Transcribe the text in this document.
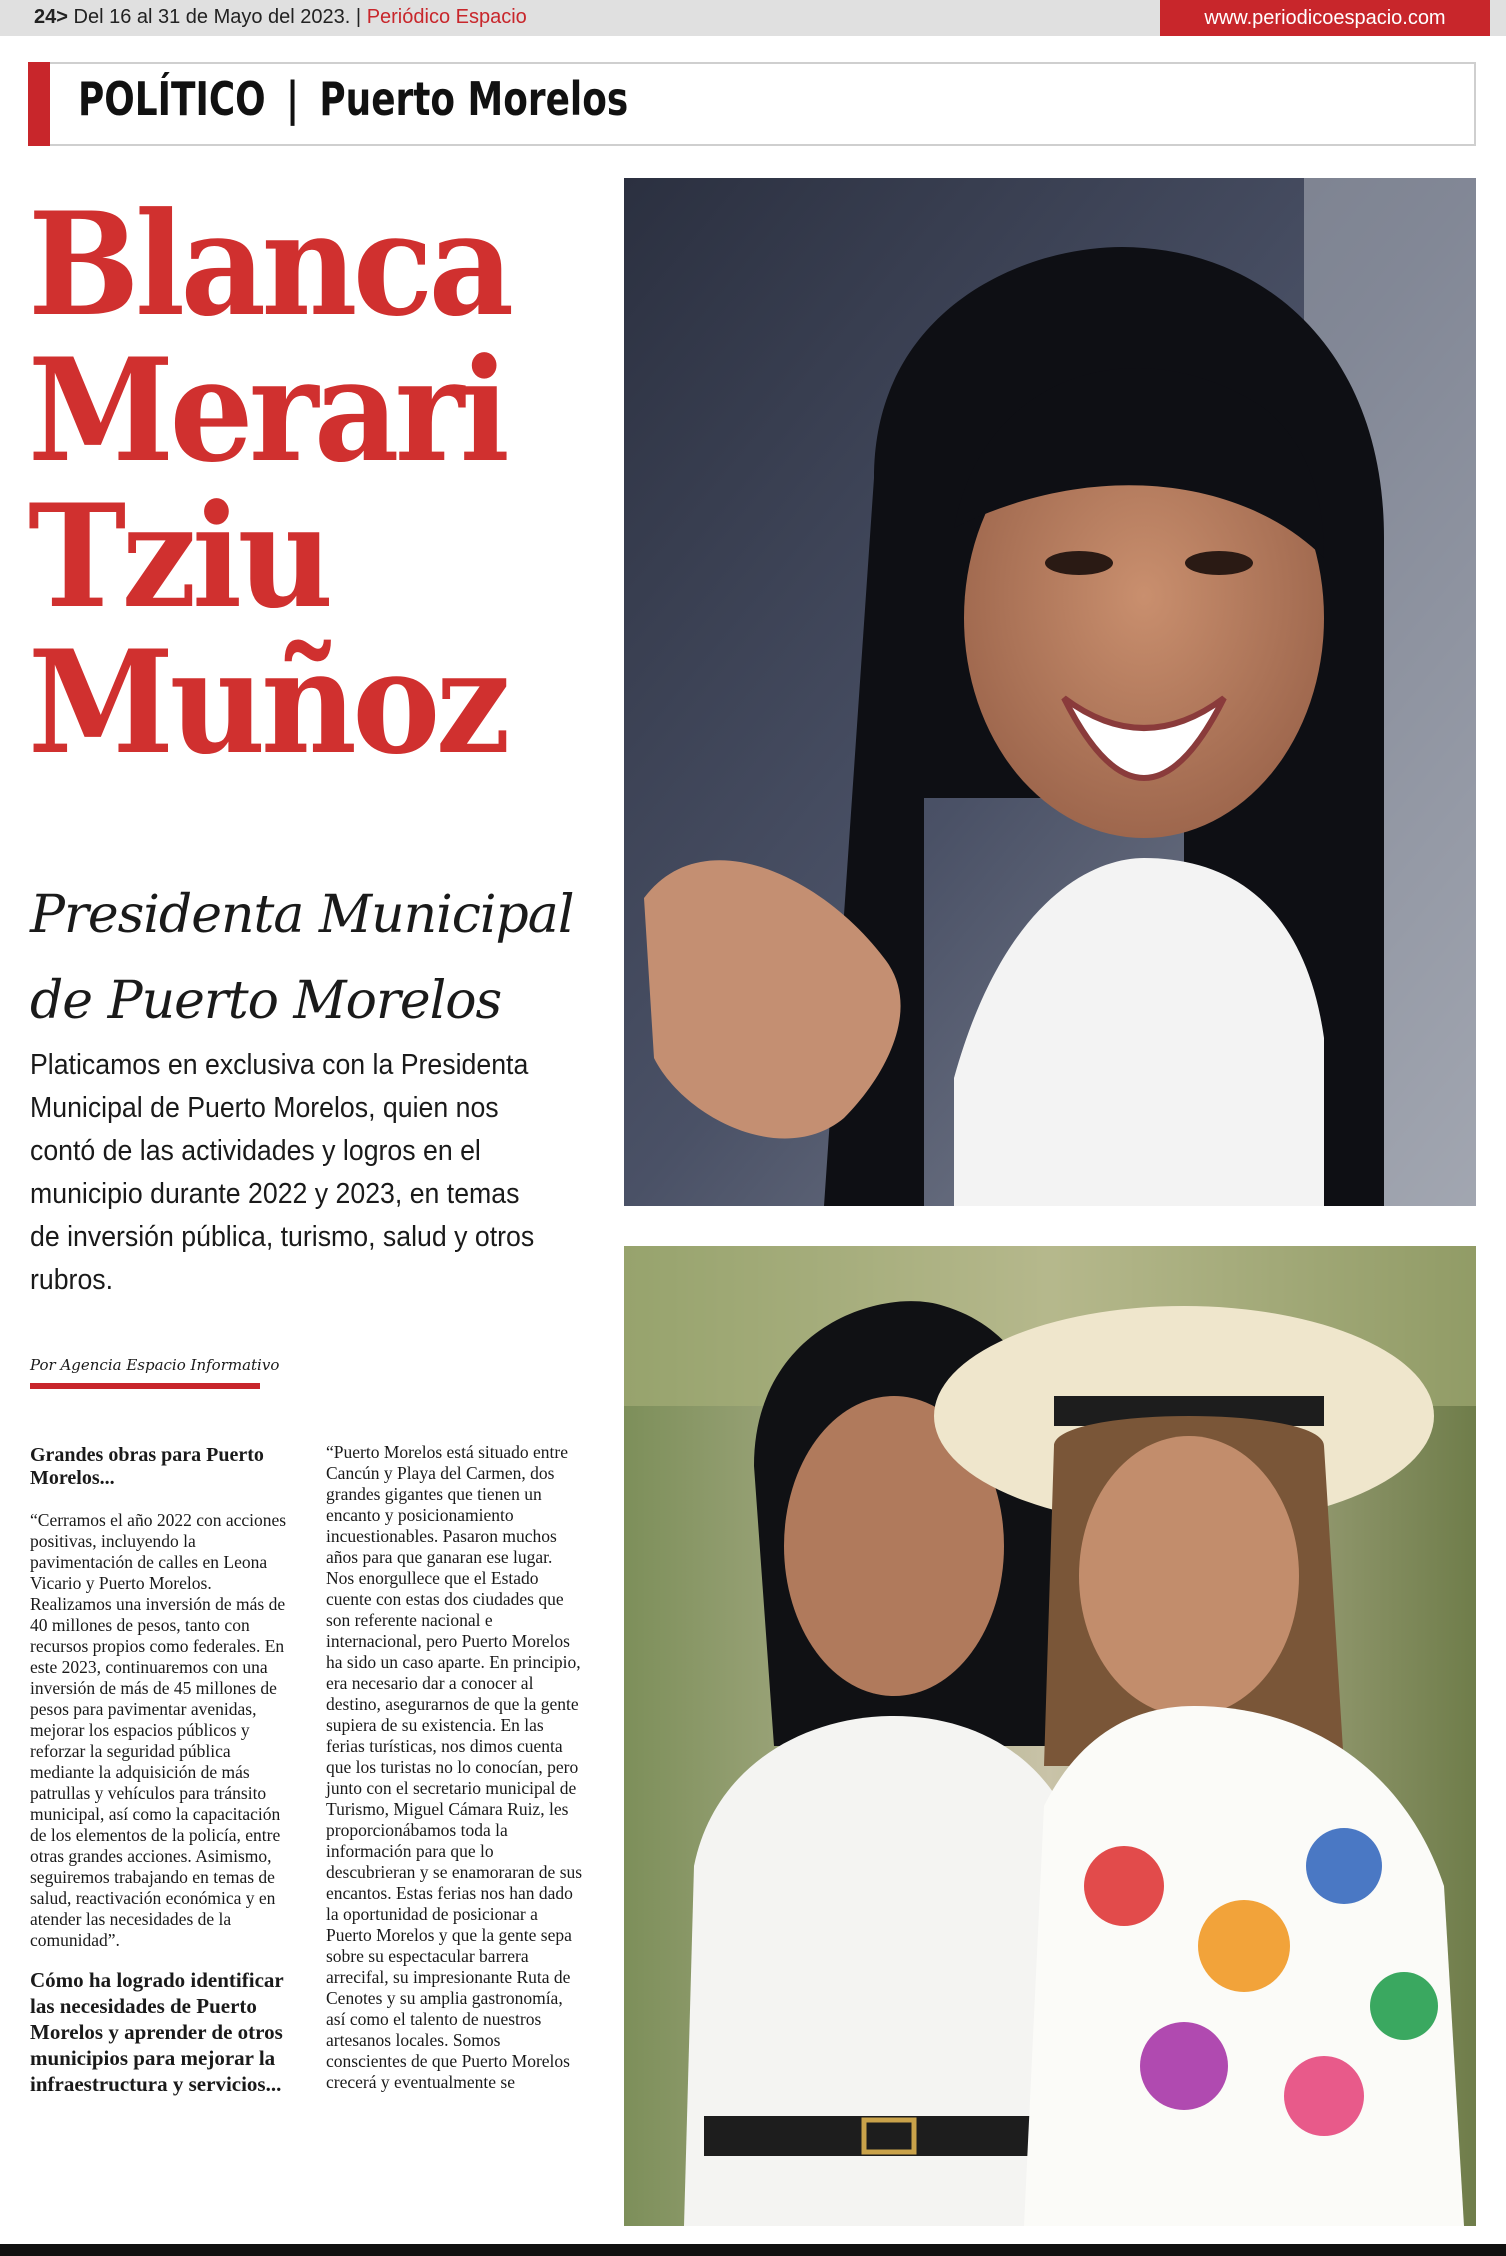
24> Del 16 al 31 de Mayo del 2023. | Periódico Espacio	www.periodicoespacio.com
POLÍTICO | Puerto Morelos
Blanca
Merari
Tziu
Muñoz
Presidenta Municipal
de Puerto Morelos
Platicamos en exclusiva con la Presidenta Municipal de Puerto Morelos, quien nos contó de las actividades y logros en el municipio durante 2022 y 2023, en temas de inversión pública, turismo, salud y otros rubros.
Por Agencia Espacio Informativo
Grandes obras para Puerto Morelos...

“Cerramos el año 2022 con acciones positivas, incluyendo la pavimentación de calles en Leona Vicario y Puerto Morelos. Realizamos una inversión de más de 40 millones de pesos, tanto con recursos propios como federales. En este 2023, continuaremos con una inversión de más de 45 millones de pesos para pavimentar avenidas, mejorar los espacios públicos y reforzar la seguridad pública mediante la adquisición de más patrullas y vehículos para tránsito municipal, así como la capacitación de los elementos de la policía, entre otras grandes acciones. Asimismo, seguiremos trabajando en temas de salud, reactivación económica y en atender las necesidades de la comunidad”.

Cómo ha logrado identificar las necesidades de Puerto Morelos y aprender de otros municipios para mejorar la infraestructura y servicios...

“Puerto Morelos está situado entre Cancún y Playa del Carmen, dos grandes gigantes que tienen un encanto y posicionamiento incuestionables. Pasaron muchos años para que ganaran ese lugar. Nos enorgullece que el Estado cuente con estas dos ciudades que son referente nacional e internacional, pero Puerto Morelos ha sido un caso aparte. En principio, era necesario dar a conocer al destino, asegurarnos de que la gente supiera de su existencia. En las ferias turísticas, nos dimos cuenta que los turistas no lo conocían, pero junto con el secretario municipal de Turismo, Miguel Cámara Ruiz, les proporcionábamos toda la información para que lo descubrieran y se enamoraran de sus encantos. Estas ferias nos han dado la oportunidad de posicionar a Puerto Morelos y que la gente sepa sobre su espectacular barrera arrecifal, su impresionante Ruta de Cenotes y su amplia gastronomía, así como el talento de nuestros artesanos locales. Somos conscientes de que Puerto Morelos crecerá y eventualmente se
